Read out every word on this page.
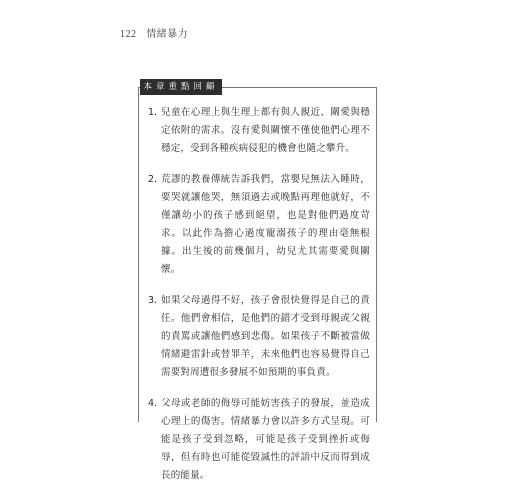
122 情緒暴力
本章重點回顧
1. 兒童在心理上與生理上都有與人親近、關愛與穩定依附的需求。沒有愛與關懷不僅使他們心理不穩定，受到各種疾病侵犯的機會也隨之攀升。
2. 荒謬的教養傳統告訴我們，當嬰兒無法入睡時，要哭就讓他哭，無須過去或晚點再理他就好，不僅讓幼小的孩子感到絕望，也是對他們過度苛求。以此作為擔心過度寵溺孩子的理由毫無根據。出生後的前幾個月，幼兒尤其需要愛與關懷。
3. 如果父母過得不好，孩子會很快覺得是自己的責任。他們會相信，是他們的錯才受到母親或父親的責罵或讓他們感到悲傷。如果孩子不斷被當做情緒避雷針或替罪羊，未來他們也容易覺得自己需要對周遭很多發展不如預期的事負責。
4. 父母或老師的侮辱可能妨害孩子的發展，並造成心理上的傷害。情緒暴力會以許多方式呈現。可能是孩子受到忽略，可能是孩子受到挫折或侮辱，但有時也可能從毀滅性的評語中反而得到成長的能量。
